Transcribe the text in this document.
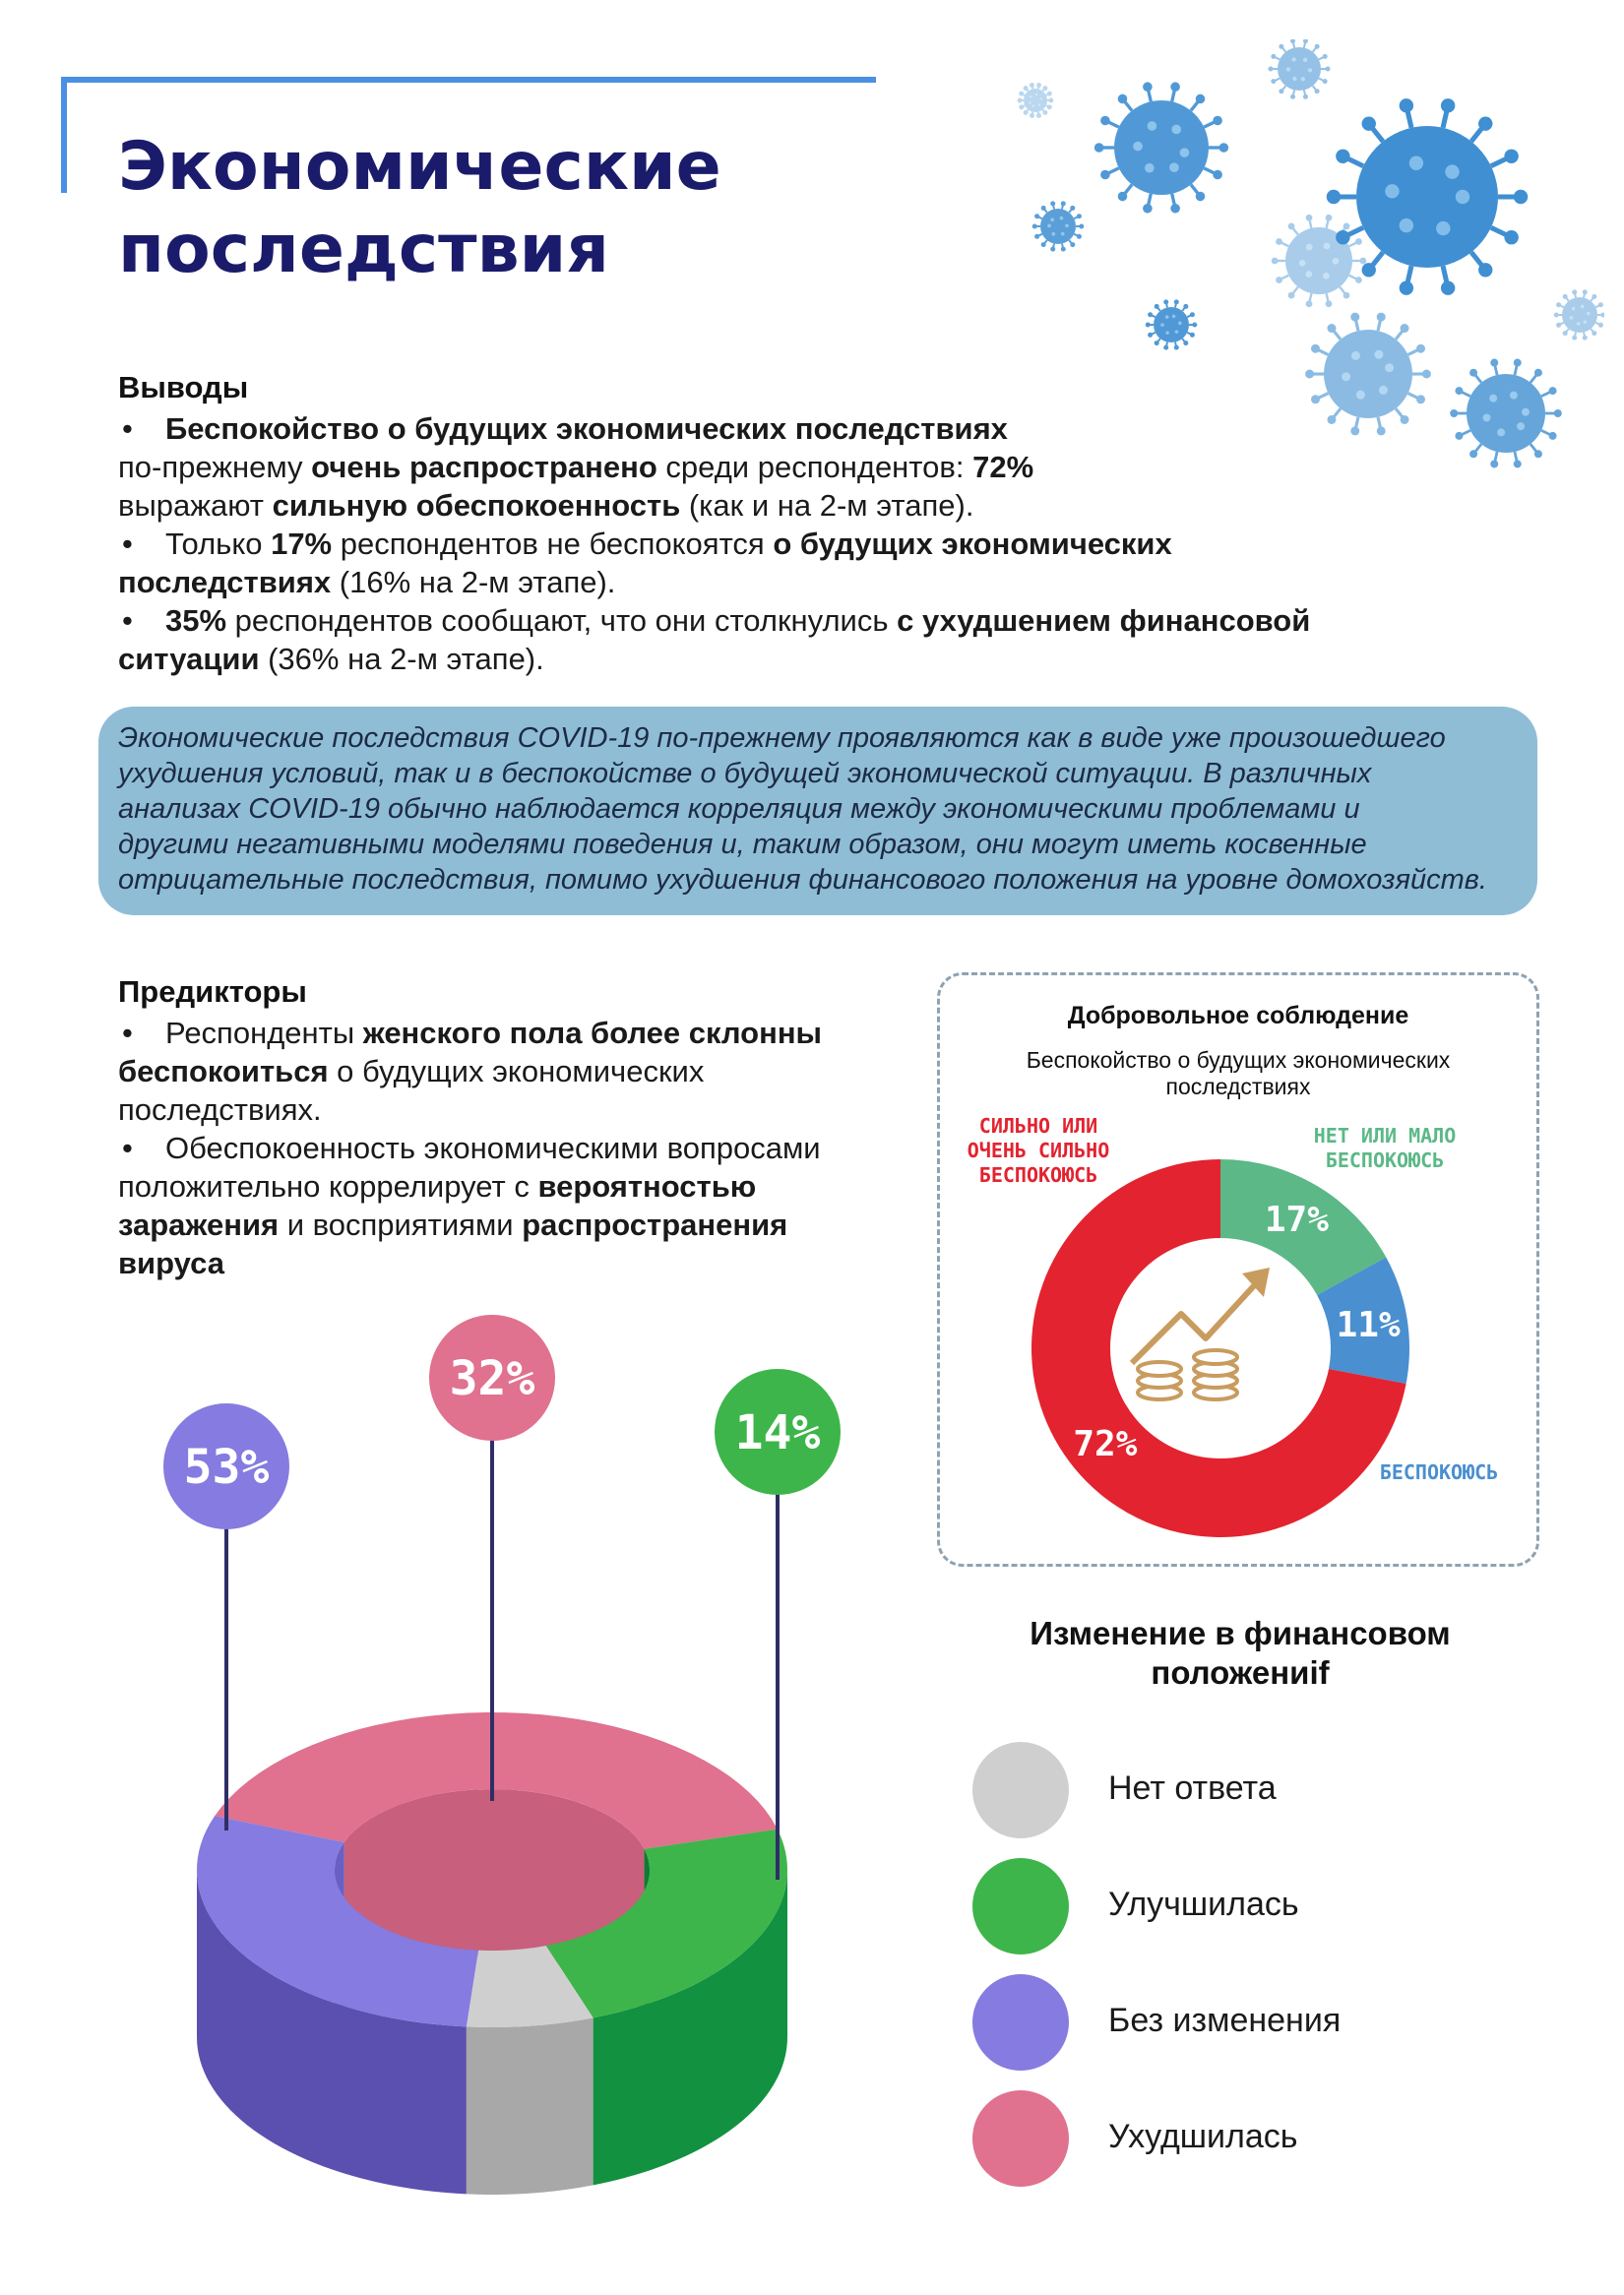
Экономические
последствия

Выводы

• Беспокойство о будущих экономических последствиях
по-прежнему очень распространено среди респондентов: 72%
выражают сильную обеспокоенность (как и на 2-м этапе).
• Только 17% респондентов не беспокоятся о будущих экономических
последствиях (16% на 2-м этапе).
• 35% респондентов сообщают, что они столкнулись с ухудшением финансовой
ситуации (36% на 2-м этапе).
Экономические последствия COVID-19 по-прежнему проявляются как в виде уже произошедшего
ухудшения условий, так и в беспокойстве о будущей экономической ситуации. В различных
анализах COVID-19 обычно наблюдается корреляция между экономическими проблемами и
другими негативными моделями поведения и, таким образом, они могут иметь косвенные
отрицательные последствия, помимо ухудшения финансового положения на уровне домохозяйств.

Предикторы

• Респонденты женского пола более склонны
беспокоиться о будущих экономических
последствиях.
• Обеспокоенность экономическими вопросами
положительно коррелирует с вероятностью
заражения и восприятиями распространения
вируса
53%
32%
14%
Добровольное соблюдение
Беспокойство о будущих экономических последствиях
СИЛЬНО ИЛИ
ОЧЕНЬ СИЛЬНО
БЕСПОКОЮСЬ
НЕТ ИЛИ МАЛО
БЕСПОКОЮСЬ
БЕСПОКОЮСЬ
17%
11%
72%
Изменение в финансовом
положениif
Нет ответа
Улучшилась
Без изменения
Ухудшилась
